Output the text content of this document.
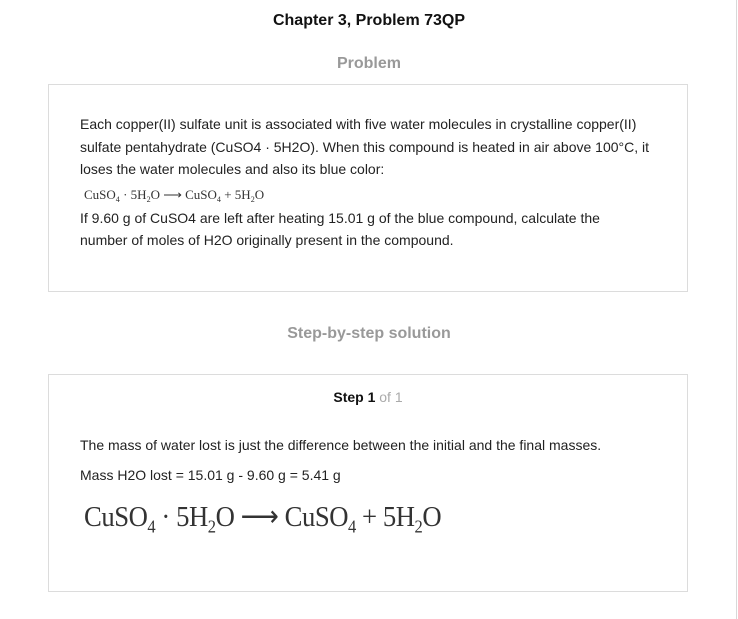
Chapter 3, Problem 73QP
Problem

Each copper(II) sulfate unit is associated with five water molecules in crystalline copper(II)

sulfate pentahydrate (CuSO4 · 5H2O). When this compound is heated in air above 100°C, it

loses the water molecules and also its blue color:

CuSO$_4$ · $5H_2O$ ⟶ CuSO$_4$ + $5H_2O$

If 9.60 g of CuSO4 are left after heating 15.01 g of the blue compound, calculate the

number of moles of H2O originally present in the compound.

Step-by-step solution
Step 1 of 1

The mass of water lost is just the difference between the initial and the final masses.

Mass H2O lost = 15.01 g - 9.60 g = 5.41 g

CuSO$_4$ · $5H_2O$ ⟶ CuSO$_4$ + $5H_2O$
